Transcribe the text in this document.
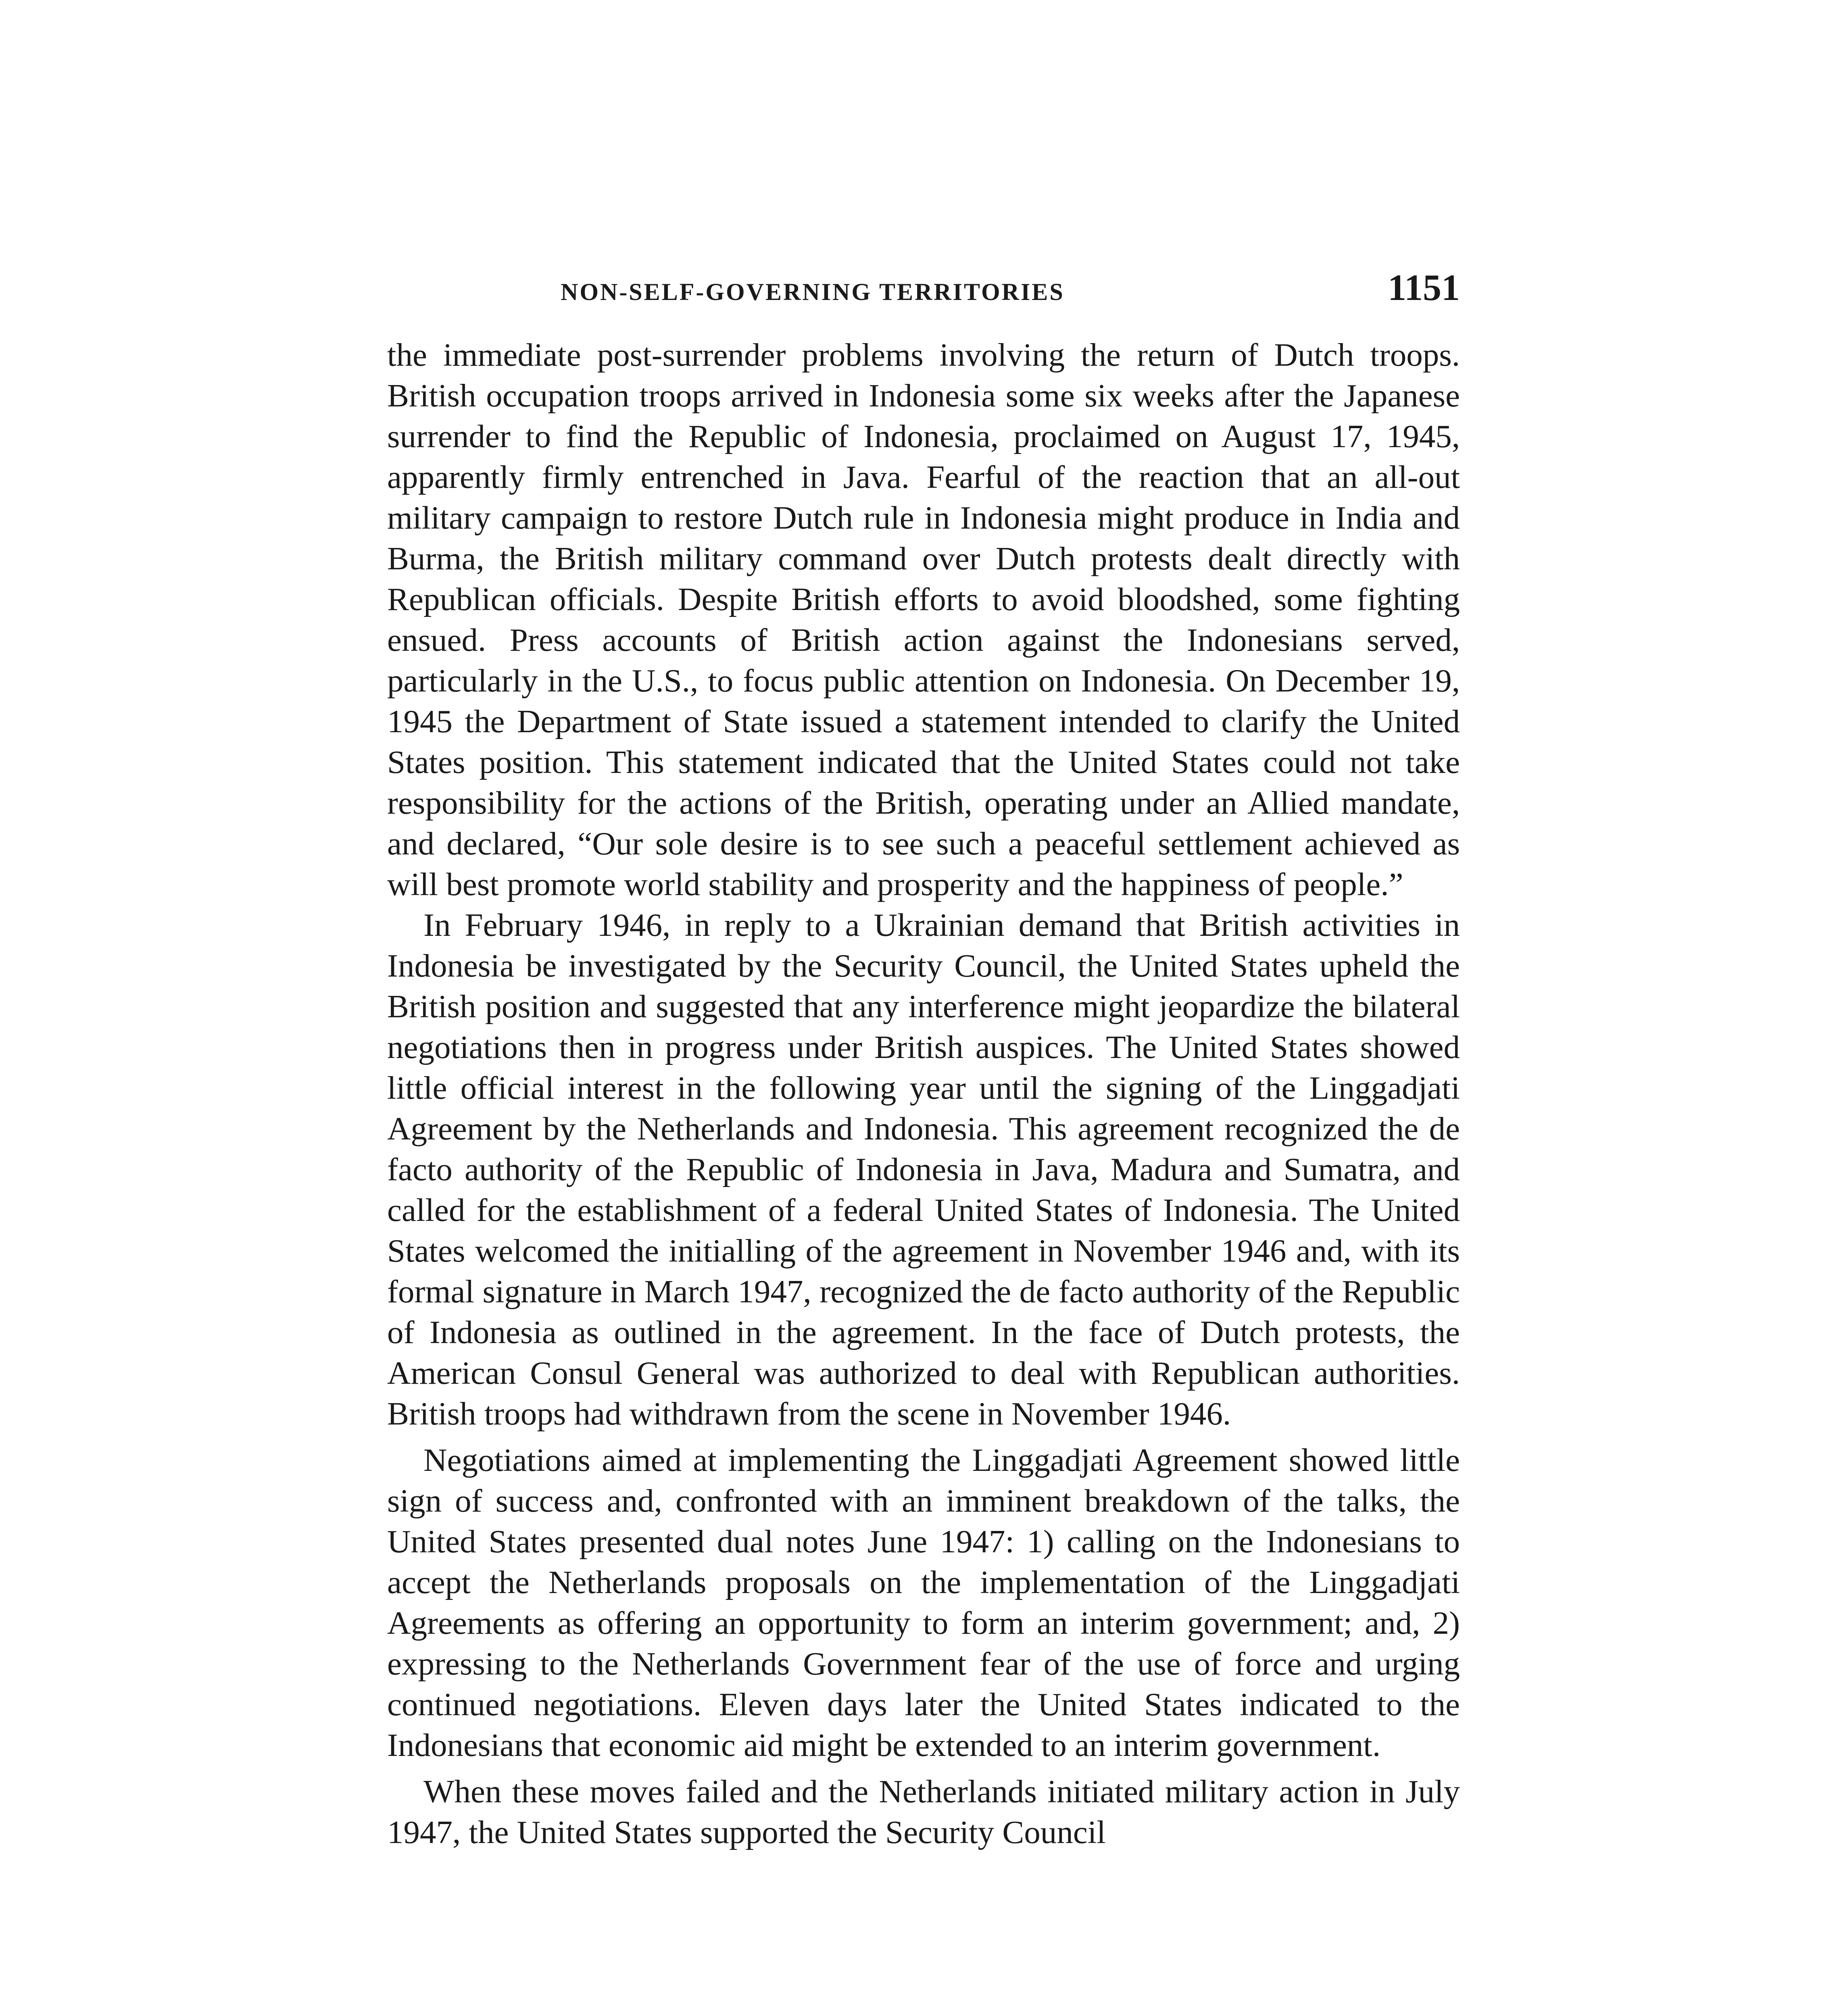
NON-SELF-GOVERNING TERRITORIES	1151

the immediate post-surrender problems involving the return of Dutch troops. British occupation troops arrived in Indonesia some six weeks after the Japanese surrender to find the Republic of Indonesia, proclaimed on August 17, 1945, apparently firmly entrenched in Java. Fearful of the reaction that an all-out military campaign to restore Dutch rule in Indonesia might produce in India and Burma, the British military command over Dutch protests dealt directly with Republican officials. Despite British efforts to avoid bloodshed, some fighting ensued. Press accounts of British action against the Indonesians served, particularly in the U.S., to focus public attention on Indonesia. On December 19, 1945 the Department of State issued a statement intended to clarify the United States position. This statement indicated that the United States could not take responsibility for the actions of the British, operating under an Allied mandate, and declared, “Our sole desire is to see such a peaceful settlement achieved as will best promote world stability and prosperity and the happiness of people.”

In February 1946, in reply to a Ukrainian demand that British activities in Indonesia be investigated by the Security Council, the United States upheld the British position and suggested that any interference might jeopardize the bilateral negotiations then in progress under British auspices. The United States showed little official interest in the following year until the signing of the Linggadjati Agreement by the Netherlands and Indonesia. This agreement recognized the de facto authority of the Republic of Indonesia in Java, Madura and Sumatra, and called for the establishment of a federal United States of Indonesia. The United States welcomed the initialling of the agreement in November 1946 and, with its formal signature in March 1947, recognized the de facto authority of the Republic of Indonesia as outlined in the agreement. In the face of Dutch protests, the American Consul General was authorized to deal with Republican authorities. British troops had withdrawn from the scene in November 1946.

Negotiations aimed at implementing the Linggadjati Agreement showed little sign of success and, confronted with an imminent breakdown of the talks, the United States presented dual notes June 1947: 1) calling on the Indonesians to accept the Netherlands proposals on the implementation of the Linggadjati Agreements as offering an opportunity to form an interim government; and, 2) expressing to the Netherlands Government fear of the use of force and urging continued negotiations. Eleven days later the United States indicated to the Indonesians that economic aid might be extended to an interim government.

When these moves failed and the Netherlands initiated military action in July 1947, the United States supported the Security Council
